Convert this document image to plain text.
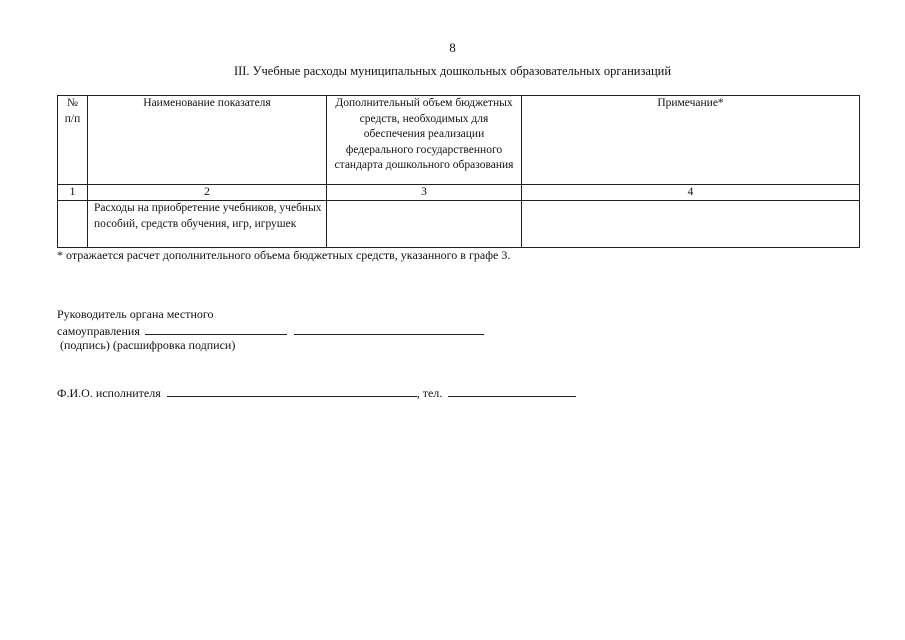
8
III. Учебные расходы муниципальных дошкольных образовательных организаций
№
п/п	Наименование показателя	Дополнительный объем бюджетных средств, необходимых для обеспечения реализации федерального государственного стандарта дошкольного образования	Примечание*
1	2	3	4
	Расходы на приобретение учебников, учебных пособий, средств обучения, игр, игрушек		
* отражается расчет дополнительного объема бюджетных средств, указанного в графе 3.
Руководитель органа местного
самоуправления
(подпись) (расшифровка подписи)
Ф.И.О. исполнителя	, тел.
